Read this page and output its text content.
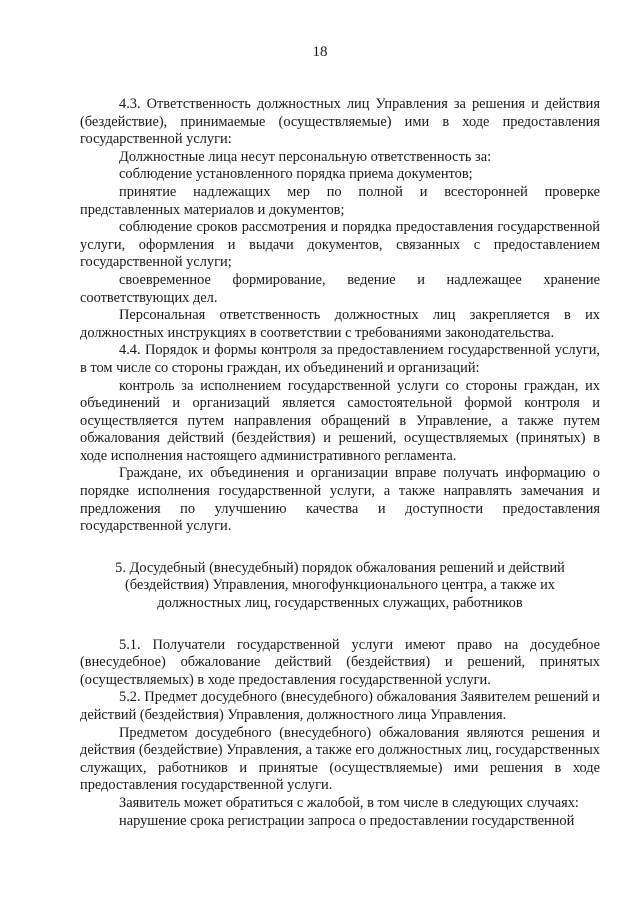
18

4.3. Ответственность должностных лиц Управления за решения и действия (бездействие), принимаемые (осуществляемые) ими в ходе предоставления государственной услуги:

Должностные лица несут персональную ответственность за:

соблюдение установленного порядка приема документов;

принятие надлежащих мер по полной и всесторонней проверке представленных материалов и документов;

соблюдение сроков рассмотрения и порядка предоставления государственной услуги, оформления и выдачи документов, связанных с предоставлением государственной услуги;

своевременное формирование, ведение и надлежащее хранение соответствующих дел.

Персональная ответственность должностных лиц закрепляется в их должностных инструкциях в соответствии с требованиями законодательства.

4.4. Порядок и формы контроля за предоставлением государственной услуги, в том числе со стороны граждан, их объединений и организаций:

контроль за исполнением государственной услуги со стороны граждан, их объединений и организаций является самостоятельной формой контроля и осуществляется путем направления обращений в Управление, а также путем обжалования действий (бездействия) и решений, осуществляемых (принятых) в ходе исполнения настоящего административного регламента.

Граждане, их объединения и организации вправе получать информацию о порядке исполнения государственной услуги, а также направлять замечания и предложения по улучшению качества и доступности предоставления государственной услуги.

5. Досудебный (внесудебный) порядок обжалования решений и действий
(бездействия) Управления, многофункционального центра, а также их
должностных лиц, государственных служащих, работников

5.1. Получатели государственной услуги имеют право на досудебное (внесудебное) обжалование действий (бездействия) и решений, принятых (осуществляемых) в ходе предоставления государственной услуги.

5.2. Предмет досудебного (внесудебного) обжалования Заявителем решений и действий (бездействия) Управления, должностного лица Управления.

Предметом досудебного (внесудебного) обжалования являются решения и действия (бездействие) Управления, а также его должностных лиц, государственных служащих, работников и принятые (осуществляемые) ими решения в ходе предоставления государственной услуги.

Заявитель может обратиться с жалобой, в том числе в следующих случаях:

нарушение срока регистрации запроса о предоставлении государственной
